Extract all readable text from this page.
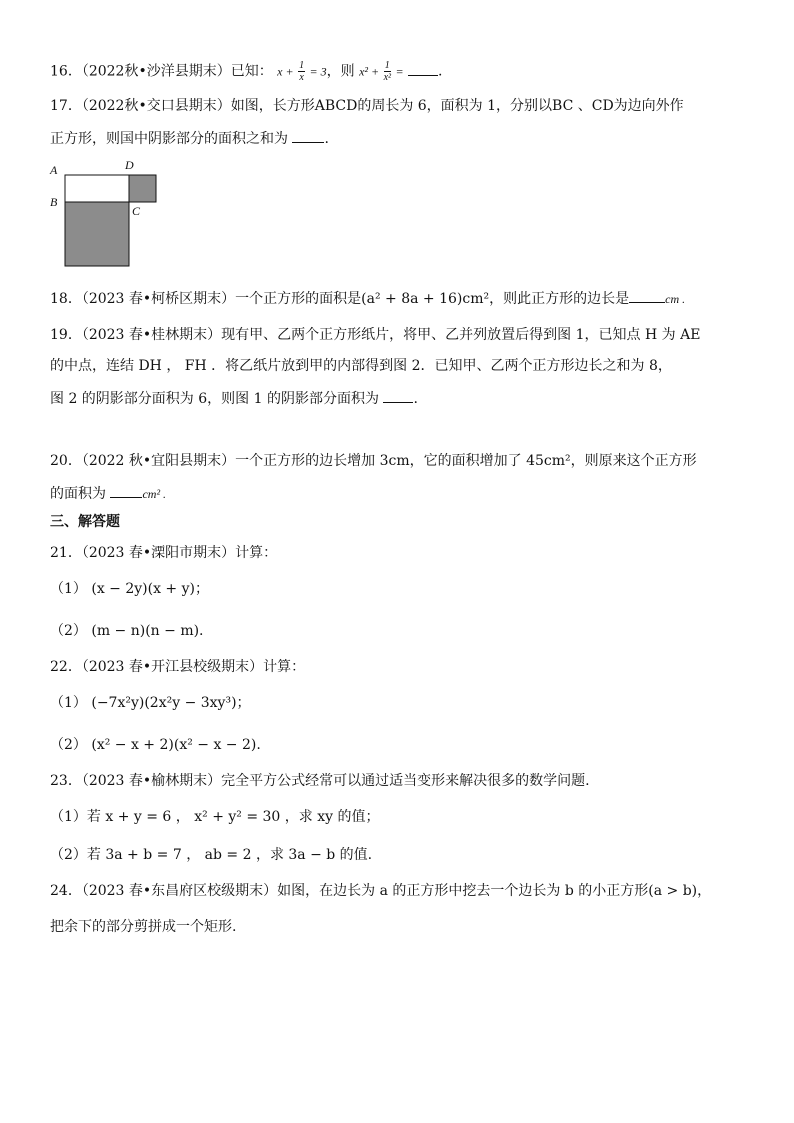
16．（2022秋•沙洋县期末）已知： $x + \frac{1}{x} = 3$，则 $x^2 + \frac{1}{\text{x²}}$ = .
17．（2022秋•交口县期末）如图，长方形ABCD的周长为 6，面积为 1，分别以BC 、CD为边向外作
正方形，则国中阴影部分的面积之和为	.
A	D
B
C
18．（2023 春•柯桥区期末）一个正方形的面积是(a² + 8a + 16)cm²，则此正方形的边长是	cm .
19．（2023 春•桂林期末）现有甲、乙两个正方形纸片，将甲、乙并列放置后得到图 1，已知点 H 为 AE
的中点，连结 DH ， FH ．将乙纸片放到甲的内部得到图 2．已知甲、乙两个正方形边长之和为 8，
图 2 的阴影部分面积为 6，则图 1 的阴影部分面积为 .
20．（2022 秋•宜阳县期末）一个正方形的边长增加 3cm，它的面积增加了 45cm²，则原来这个正方形
的面积为	cm² .
三、解答题
21．（2023 春•溧阳市期末）计算：
（1） (x − 2y)(x + y)；
（2） (m − n)(n − m).
22．（2023 春•开江县校级期末）计算：
（1） (−7x²y)(2x²y − 3xy³)；
（2） (x² − x + 2)(x² − x − 2).
23．（2023 春•榆林期末）完全平方公式经常可以通过适当变形来解决很多的数学问题.
（1）若 x + y = 6 ， x² + y² = 30 ，求 xy 的值；
（2）若 3a + b = 7 ， ab = 2 ，求 3a − b 的值.
24．（2023 春•东昌府区校级期末）如图，在边长为 a 的正方形中挖去一个边长为 b 的小正方形(a > b)，
把余下的部分剪拼成一个矩形.
